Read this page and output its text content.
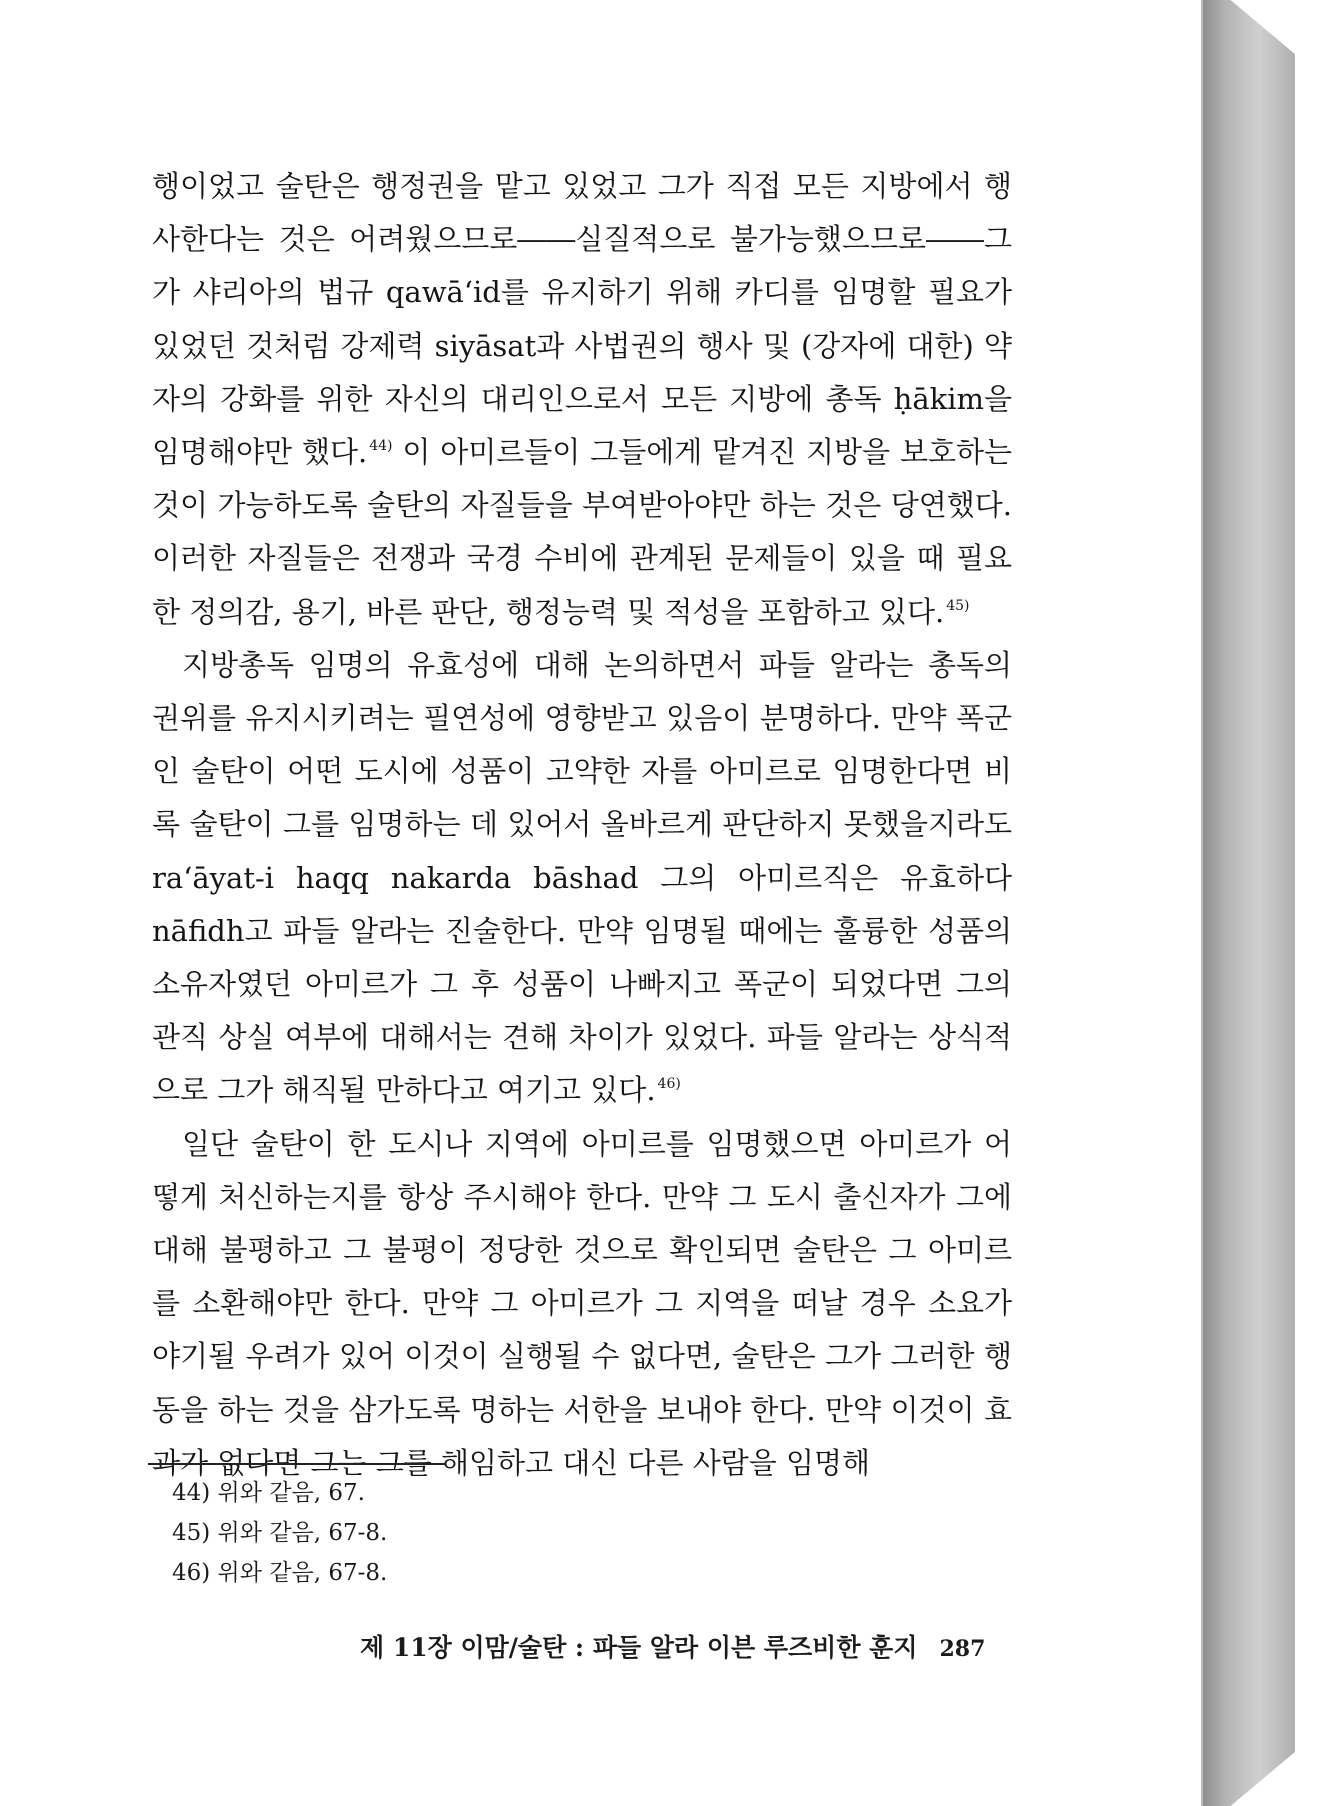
행이었고 술탄은 행정권을 맡고 있었고 그가 직접 모든 지방에서 행사한다는 것은 어려웠으므로――실질적으로 불가능했으므로――그가 샤리아의 법규 qawā‘id를 유지하기 위해 카디를 임명할 필요가 있었던 것처럼 강제력 siyāsat과 사법권의 행사 및 (강자에 대한) 약자의 강화를 위한 자신의 대리인으로서 모든 지방에 총독 ḥākim을 임명해야만 했다. $^{44)}$ 이 아미르들이 그들에게 맡겨진 지방을 보호하는 것이 가능하도록 술탄의 자질들을 부여받아야만 하는 것은 당연했다. 이러한 자질들은 전쟁과 국경 수비에 관계된 문제들이 있을 때 필요한 정의감, 용기, 바른 판단, 행정능력 및 적성을 포함하고 있다. $^{45)}$

지방총독 임명의 유효성에 대해 논의하면서 파들 알라는 총독의 권위를 유지시키려는 필연성에 영향받고 있음이 분명하다. 만약 폭군인 술탄이 어떤 도시에 성품이 고약한 자를 아미르로 임명한다면 비록 술탄이 그를 임명하는 데 있어서 올바르게 판단하지 못했을지라도 ra‘āyat-i haqq nakarda bāshad 그의 아미르직은 유효하다 nāfidh고 파들 알라는 진술한다. 만약 임명될 때에는 훌륭한 성품의 소유자였던 아미르가 그 후 성품이 나빠지고 폭군이 되었다면 그의 관직 상실 여부에 대해서는 견해 차이가 있었다. 파들 알라는 상식적으로 그가 해직될 만하다고 여기고 있다. $^{46)}$

일단 술탄이 한 도시나 지역에 아미르를 임명했으면 아미르가 어떻게 처신하는지를 항상 주시해야 한다. 만약 그 도시 출신자가 그에 대해 불평하고 그 불평이 정당한 것으로 확인되면 술탄은 그 아미르를 소환해야만 한다. 만약 그 아미르가 그 지역을 떠날 경우 소요가 야기될 우려가 있어 이것이 실행될 수 없다면, 술탄은 그가 그러한 행동을 하는 것을 삼가도록 명하는 서한을 보내야 한다. 만약 이것이 효과가 없다면 그는 그를 해임하고 대신 다른 사람을 임명해

44) 위와 같음, 67.
45) 위와 같음, 67-8.
46) 위와 같음, 67-8.
제 11장 이맘/술탄 : 파들 알라 이븐 루즈비한 훈지 287
